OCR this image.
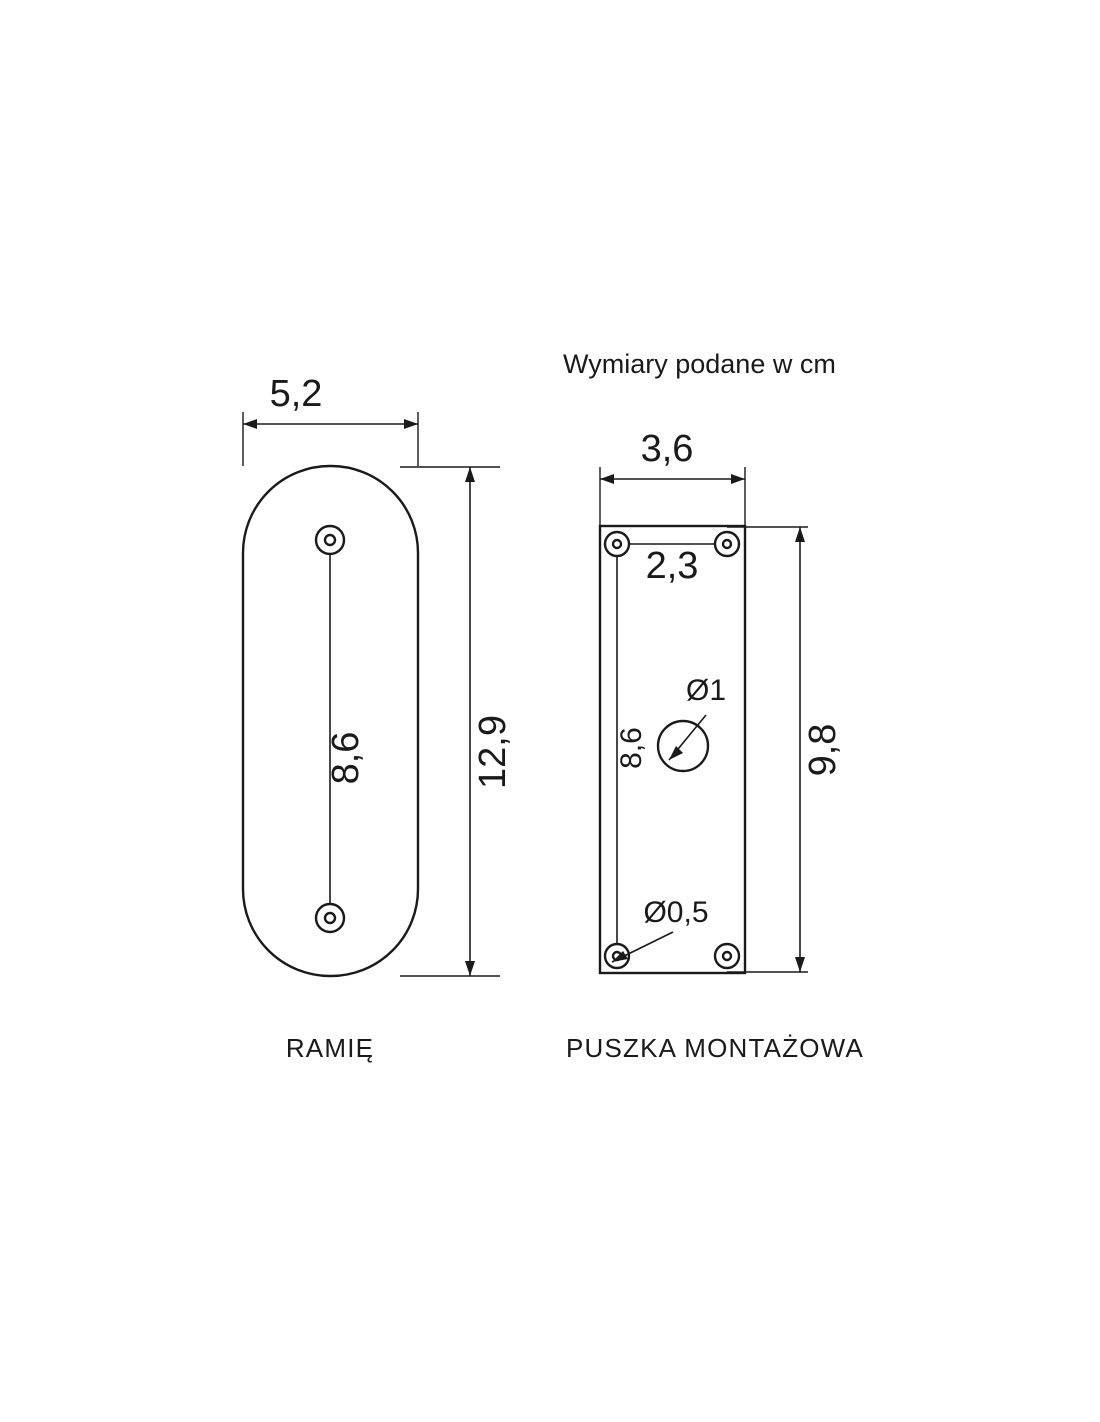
Wymiary podane w cm
5,2
8,6	12,9
RAMIĘ
3,6
2,3
8,6	9,8
Ø1
Ø0,5
PUSZKA MONTAŻOWA
